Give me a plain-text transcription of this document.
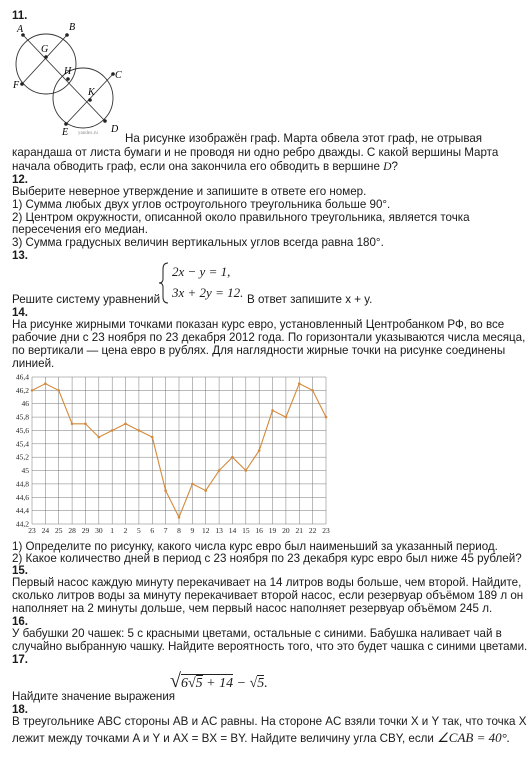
11.
A	B
G
F
H	C
K
E	D
yandex.ru На рисунке изображён граф. Марта обвела этот граф, не отрывая
карандаша от листа бумаги и не проводя ни одно ребро дважды. С какой вершины Марта
начала обводить граф, если она закончила его обводить в вершине D?
12.
Выберите неверное утверждение и запишите в ответе его номер.
1) Сумма любых двух углов остроугольного треугольника больше 90°.
2) Центром окружности, описанной около правильного треугольника, является точка
пересечения его медиан.
3) Сумма градусных величин вертикальных углов всегда равна 180°.
13.
Решите систему уравнений
2x − y = 1,
3x + 2y = 12. В ответ запишите x + y.
14.
На рисунке жирными точками показан курс евро, установленный Центробанком РФ, во все
рабочие дни с 23 ноября по 23 декабря 2012 года. По горизонтали указываются числа месяца,
по вертикали — цена евро в рублях. Для наглядности жирные точки на рисунке соединены
линией.
44,2
44,4
44,6
44,8
45
45,2
45,4
45,6
45,8
46
46,2
46,4
23 24 25 28 29 30 1 2 5 6 7 8 9 12 13 14 15 16 19 20 21 22 23
1) Определите по рисунку, какого числа курс евро был наименьший за указанный период.
2) Какое количество дней в период с 23 ноября по 23 декабря курс евро был ниже 45 рублей?
15.
Первый насос каждую минуту перекачивает на 14 литров воды больше, чем второй. Найдите,
сколько литров воды за минуту перекачивает второй насос, если резервуар объёмом 189 л он
наполняет на 2 минуты дольше, чем первый насос наполняет резервуар объёмом 245 л.
16.
У бабушки 20 чашек: 5 с красными цветами, остальные с синими. Бабушка наливает чай в
случайно выбранную чашку. Найдите вероятность того, что это будет чашка с синими цветами.
17.
√6√5 + 14 − √5.
Найдите значение выражения
18.
В треугольнике ABC стороны AB и AC равны. На стороне AC взяли точки X и Y так, что точка X
лежит между точками A и Y и AX = BX = BY. Найдите величину угла CBY, если ∠CAB = 40°.
